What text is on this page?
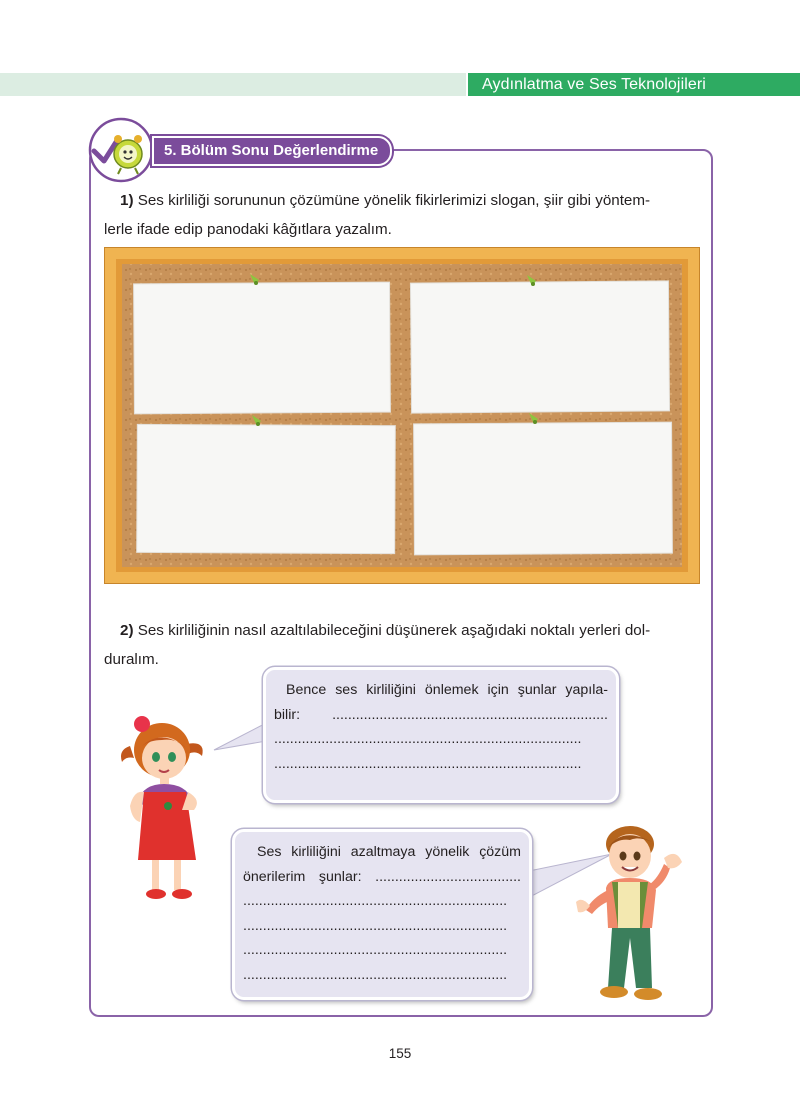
Aydınlatma ve Ses Teknolojileri
5. Bölüm Sonu Değerlendirme
1) Ses kirliliği sorununun çözümüne yönelik fikirlerimizi slogan, şiir gibi yöntem-
lerle ifade edip panodaki kâğıtlara yazalım.
2) Ses kirliliğinin nasıl azaltılabileceğini düşünerek aşağıdaki noktalı yerleri dol-
duralım.
Bence ses kirliliğini önlemek için şunlar yapıla-
bilir: ......................................................................
..............................................................................
..............................................................................
Ses kirliliğini azaltmaya yönelik çözüm
önerilerim şunlar: .....................................
...................................................................
...................................................................
...................................................................
...................................................................
155
